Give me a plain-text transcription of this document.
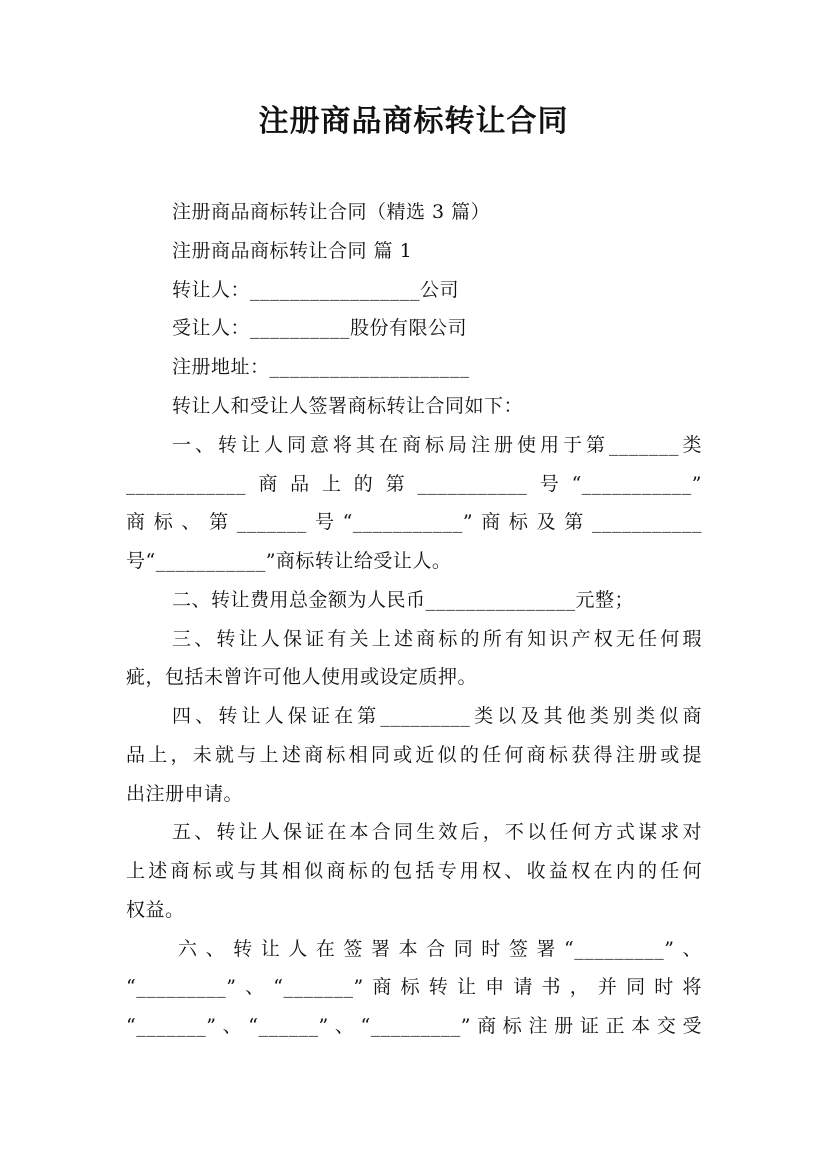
注册商品商标转让合同
注册商品商标转让合同（精选 3 篇）
注册商品商标转让合同 篇 1
转让人：_________________公司
受让人：__________股份有限公司
注册地址：____________________
转让人和受让人签署商标转让合同如下：
一、转让人同意将其在商标局注册使用于第_______类
____________商品上的第___________号“___________”
商标、第_______号“___________”商标及第___________
号“___________”商标转让给受让人。
二、转让费用总金额为人民币_______________元整；
三、转让人保证有关上述商标的所有知识产权无任何瑕
疵，包括未曾许可他人使用或设定质押。
四、转让人保证在第_________类以及其他类别类似商
品上，未就与上述商标相同或近似的任何商标获得注册或提
出注册申请。
五、转让人保证在本合同生效后，不以任何方式谋求对
上述商标或与其相似商标的包括专用权、收益权在内的任何
权益。
六、转让人在签署本合同时签署“_________”、
“_________”、“_______”商标转让申请书，并同时将
“_______”、“______”、“_________”商标注册证正本交受
